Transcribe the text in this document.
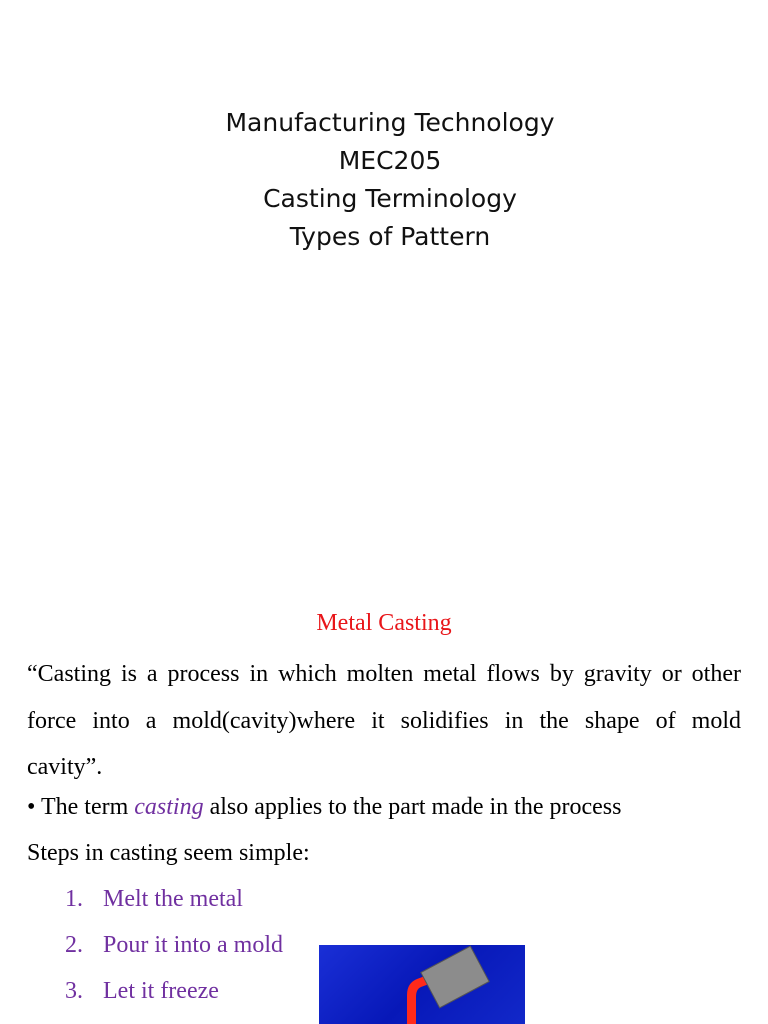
Manufacturing Technology
MEC205
Casting Terminology
Types of Pattern
Metal Casting
“Casting is a process in which molten metal flows by gravity or other
force into a mold(cavity)where it solidifies in the shape of mold
cavity”.
• The term casting also applies to the part made in the process
Steps in casting seem simple:
1. Melt the metal
2. Pour it into a mold
3. Let it freeze
